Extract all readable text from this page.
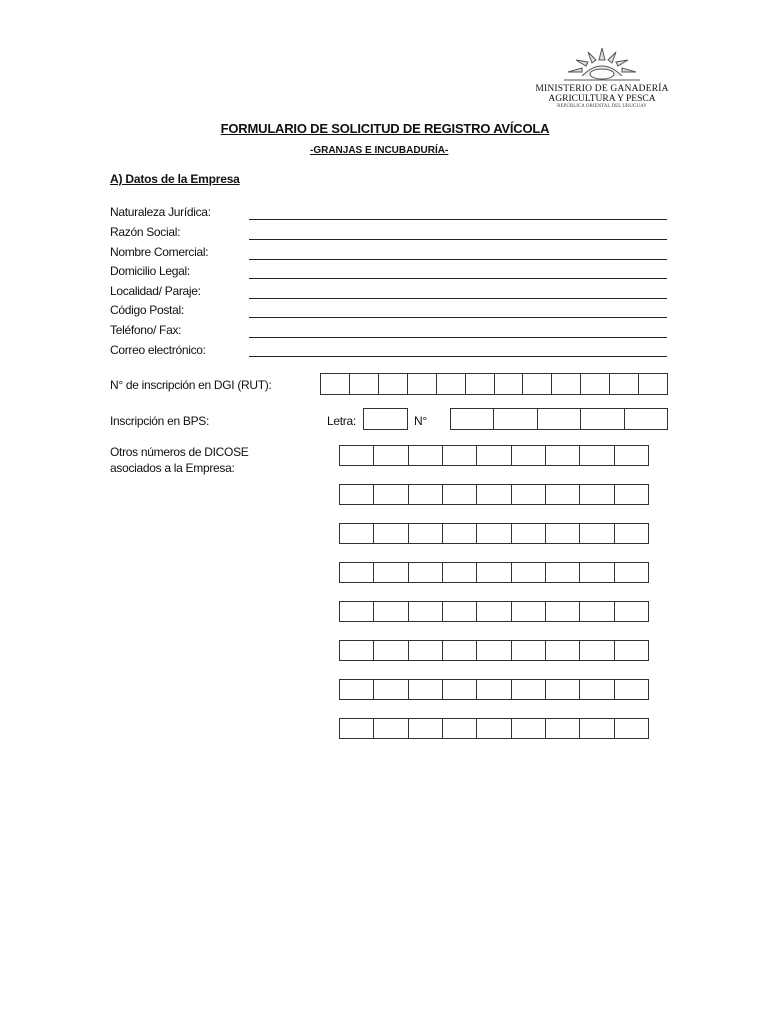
MINISTERIO DE GANADERÍA
AGRICULTURA Y PESCA
REPÚBLICA ORIENTAL DEL URUGUAY
FORMULARIO DE SOLICITUD DE REGISTRO AVÍCOLA
-GRANJAS E INCUBADURÍA-
A) Datos de la Empresa
Naturaleza Jurídica:
Razón Social:
Nombre Comercial:
Domicilio Legal:
Localidad/ Paraje:
Código Postal:
Teléfono/ Fax:
Correo electrónico:
N° de inscripción en DGI (RUT):
Inscripción en BPS:	Letra:	N°
Otros números de DICOSE
asociados a la Empresa:
